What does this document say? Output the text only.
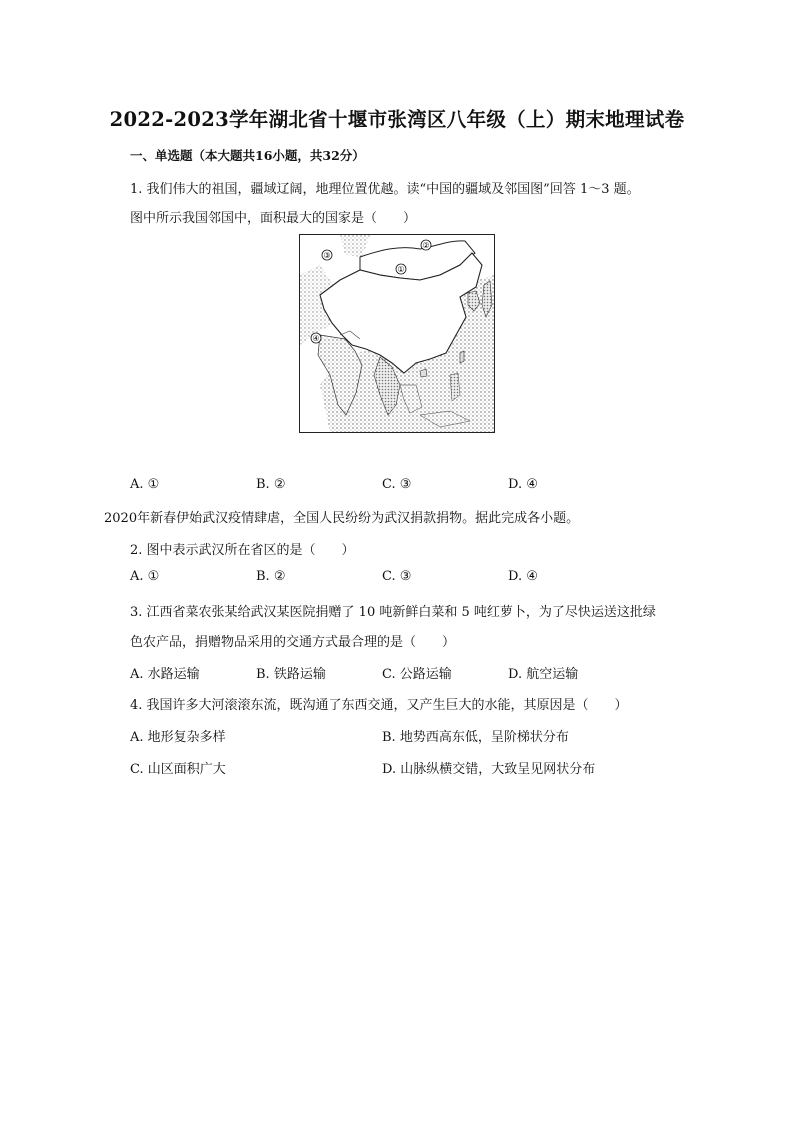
2022-2023学年湖北省十堰市张湾区八年级（上）期末地理试卷
一、单选题（本大题共16小题，共32分）
1. 我们伟大的祖国，疆域辽阔，地理位置优越。读“中国的疆域及邻国图”回答 1～3 题。
图中所示我国邻国中，面积最大的国家是（　　）
①
②
③
④
A. ①	B. ②	C. ③	D. ④
2020年新春伊始武汉疫情肆虐，全国人民纷纷为武汉捐款捐物。据此完成各小题。
2. 图中表示武汉所在省区的是（　　）
A. ①	B. ②	C. ③	D. ④
3. 江西省菜农张某给武汉某医院捐赠了 10 吨新鲜白菜和 5 吨红萝卜，为了尽快运送这批绿
色农产品，捐赠物品采用的交通方式最合理的是（　　）
A. 水路运输	B. 铁路运输	C. 公路运输	D. 航空运输
4. 我国许多大河滚滚东流，既沟通了东西交通，又产生巨大的水能，其原因是（　　）
A. 地形复杂多样	B. 地势西高东低，呈阶梯状分布
C. 山区面积广大	D. 山脉纵横交错，大致呈见网状分布
